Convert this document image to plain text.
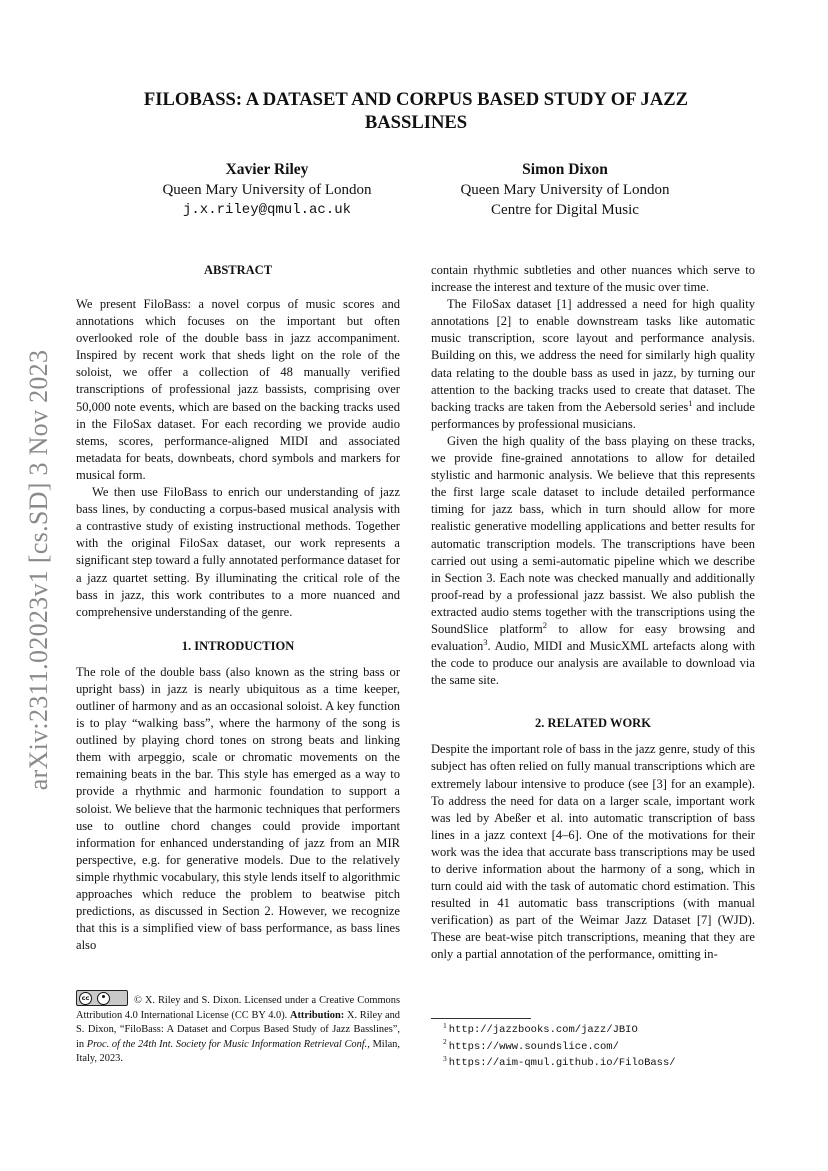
arXiv:2311.02023v1 [cs.SD] 3 Nov 2023
FILOBASS: A DATASET AND CORPUS BASED STUDY OF JAZZ BASSLINES
Xavier Riley
Queen Mary University of London
j.x.riley@qmul.ac.uk
Simon Dixon
Queen Mary University of London
Centre for Digital Music
ABSTRACT

We present FiloBass: a novel corpus of music scores and annotations which focuses on the important but often overlooked role of the double bass in jazz accompaniment. Inspired by recent work that sheds light on the role of the soloist, we offer a collection of 48 manually verified transcriptions of professional jazz bassists, comprising over 50,000 note events, which are based on the backing tracks used in the FiloSax dataset. For each recording we provide audio stems, scores, performance-aligned MIDI and associated metadata for beats, downbeats, chord symbols and markers for musical form.

We then use FiloBass to enrich our understanding of jazz bass lines, by conducting a corpus-based musical analysis with a contrastive study of existing instructional methods. Together with the original FiloSax dataset, our work represents a significant step toward a fully annotated performance dataset for a jazz quartet setting. By illuminating the critical role of the bass in jazz, this work contributes to a more nuanced and comprehensive understanding of the genre.

1. INTRODUCTION

The role of the double bass (also known as the string bass or upright bass) in jazz is nearly ubiquitous as a time keeper, outliner of harmony and as an occasional soloist. A key function is to play “walking bass”, where the harmony of the song is outlined by playing chord tones on strong beats and linking them with arpeggio, scale or chromatic movements on the remaining beats in the bar. This style has emerged as a way to provide a rhythmic and harmonic foundation to support a soloist. We believe that the harmonic techniques that performers use to outline chord changes could provide important information for enhanced understanding of jazz from an MIR perspective, e.g. for generative models. Due to the relatively simple rhythmic vocabulary, this style lends itself to algorithmic approaches which reduce the problem to beatwise pitch predictions, as discussed in Section 2. However, we recognize that this is a simplified view of bass performance, as bass lines also

cc	© X. Riley and S. Dixon. Licensed under a Creative Commons Attribution 4.0 International License (CC BY 4.0). Attribution: X. Riley and S. Dixon, “FiloBass: A Dataset and Corpus Based Study of Jazz Basslines”, in Proc. of the 24th Int. Society for Music Information Retrieval Conf., Milan, Italy, 2023.

contain rhythmic subtleties and other nuances which serve to increase the interest and texture of the music over time.

The FiloSax dataset [1] addressed a need for high quality annotations [2] to enable downstream tasks like automatic music transcription, score layout and performance analysis. Building on this, we address the need for similarly high quality data relating to the double bass as used in jazz, by turning our attention to the backing tracks used to create that dataset. The backing tracks are taken from the Aebersold series$^1$ and include performances by professional musicians.

Given the high quality of the bass playing on these tracks, we provide fine-grained annotations to allow for detailed stylistic and harmonic analysis. We believe that this represents the first large scale dataset to include detailed performance timing for jazz bass, which in turn should allow for more realistic generative modelling applications and better results for automatic transcription models. The transcriptions have been carried out using a semi-automatic pipeline which we describe in Section 3. Each note was checked manually and additionally proof-read by a professional jazz bassist. We also publish the extracted audio stems together with the transcriptions using the SoundSlice platform$^2$ to allow for easy browsing and evaluation$^3$. Audio, MIDI and MusicXML artefacts along with the code to produce our analysis are available to download via the same site.

2. RELATED WORK

Despite the important role of bass in the jazz genre, study of this subject has often relied on fully manual transcriptions which are extremely labour intensive to produce (see [3] for an example). To address the need for data on a larger scale, important work was led by Abeßer et al. into automatic transcription of bass lines in a jazz context [4–6]. One of the motivations for their work was the idea that accurate bass transcriptions may be used to derive information about the harmony of a song, which in turn could aid with the task of automatic chord estimation. This resulted in 41 automatic bass transcriptions (with manual verification) as part of the Weimar Jazz Dataset [7] (WJD). These are beat-wise pitch transcriptions, meaning that they are only a partial annotation of the performance, omitting in-

$^1$ http://jazzbooks.com/jazz/JBIO
$^2$ https://www.soundslice.com/
$^3$ https://aim-qmul.github.io/FiloBass/
